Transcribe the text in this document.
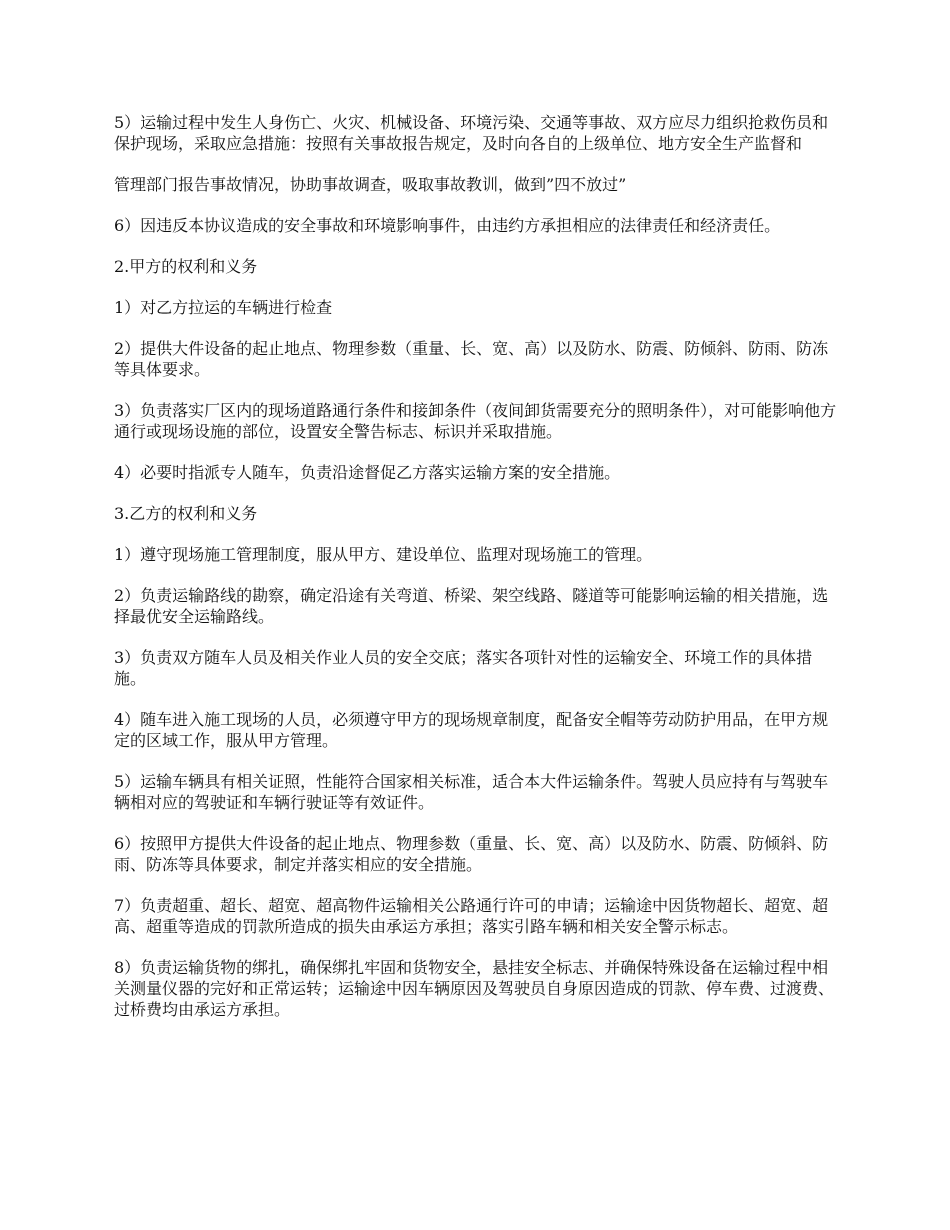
5）运输过程中发生人身伤亡、火灾、机械设备、环境污染、交通等事故、双方应尽力组织抢救伤员和保护现场，采取应急措施：按照有关事故报告规定，及时向各自的上级单位、地方安全生产监督和

管理部门报告事故情况，协助事故调查，吸取事故教训，做到”四不放过”

6）因违反本协议造成的安全事故和环境影响事件，由违约方承担相应的法律责任和经济责任。

2.甲方的权利和义务

1）对乙方拉运的车辆进行检查

2）提供大件设备的起止地点、物理参数（重量、长、宽、高）以及防水、防震、防倾斜、防雨、防冻等具体要求。

3）负责落实厂区内的现场道路通行条件和接卸条件（夜间卸货需要充分的照明条件），对可能影响他方通行或现场设施的部位，设置安全警告标志、标识并采取措施。

4）必要时指派专人随车，负责沿途督促乙方落实运输方案的安全措施。

3.乙方的权利和义务

1）遵守现场施工管理制度，服从甲方、建设单位、监理对现场施工的管理。

2）负责运输路线的勘察，确定沿途有关弯道、桥梁、架空线路、隧道等可能影响运输的相关措施，选择最优安全运输路线。

3）负责双方随车人员及相关作业人员的安全交底；落实各项针对性的运输安全、环境工作的具体措施。

4）随车进入施工现场的人员，必须遵守甲方的现场规章制度，配备安全帽等劳动防护用品，在甲方规定的区域工作，服从甲方管理。

5）运输车辆具有相关证照，性能符合国家相关标准，适合本大件运输条件。驾驶人员应持有与驾驶车辆相对应的驾驶证和车辆行驶证等有效证件。

6）按照甲方提供大件设备的起止地点、物理参数（重量、长、宽、高）以及防水、防震、防倾斜、防雨、防冻等具体要求，制定并落实相应的安全措施。

7）负责超重、超长、超宽、超高物件运输相关公路通行许可的申请；运输途中因货物超长、超宽、超高、超重等造成的罚款所造成的损失由承运方承担；落实引路车辆和相关安全警示标志。

8）负责运输货物的绑扎，确保绑扎牢固和货物安全，悬挂安全标志、并确保特殊设备在运输过程中相关测量仪器的完好和正常运转；运输途中因车辆原因及驾驶员自身原因造成的罚款、停车费、过渡费、过桥费均由承运方承担。
